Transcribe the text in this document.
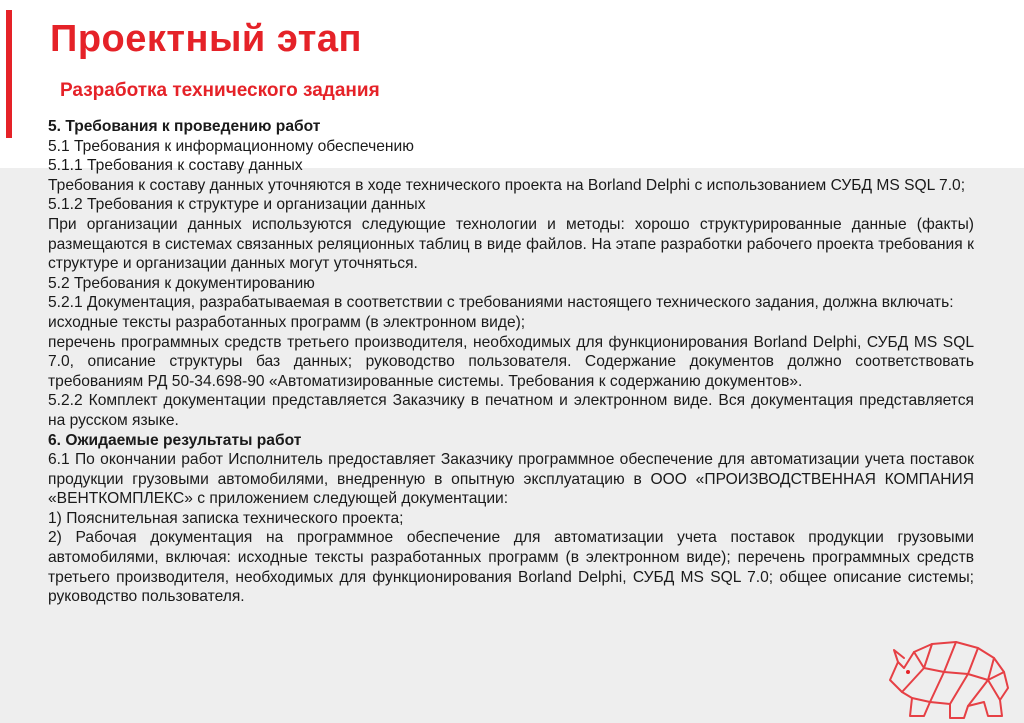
Проектный этап
Разработка технического задания

5. Требования к проведению работ

5.1 Требования к информационному обеспечению

5.1.1 Требования к составу данных

Требования к составу данных уточняются в ходе технического проекта на Borland Delphi с использованием СУБД MS SQL 7.0;

5.1.2 Требования к структуре и организации данных

При организации данных используются следующие технологии и методы: хорошо структурированные данные (факты) размещаются в системах связанных реляционных таблиц в виде файлов. На этапе разработки рабочего проекта требования к структуре и организации данных могут уточняться.

5.2 Требования к документированию

5.2.1 Документация, разрабатываемая в соответствии с требованиями настоящего технического задания, должна включать:

исходные тексты разработанных программ (в электронном виде);

перечень программных средств третьего производителя, необходимых для функционирования Borland Delphi, СУБД MS SQL 7.0, описание структуры баз данных; руководство пользователя. Содержание документов должно соответствовать требованиям РД 50-34.698-90 «Автоматизированные системы. Требования к содержанию документов».

5.2.2 Комплект документации представляется Заказчику в печатном и электронном виде. Вся документация представляется на русском языке.

6. Ожидаемые результаты работ

6.1 По окончании работ Исполнитель предоставляет Заказчику программное обеспечение для автоматизации учета поставок продукции грузовыми автомобилями, внедренную в опытную эксплуатацию в ООО «ПРОИЗВОДСТВЕННАЯ КОМПАНИЯ «ВЕНТКОМПЛЕКС» с приложением следующей документации:

1) Пояснительная записка технического проекта;

2) Рабочая документация на программное обеспечение для автоматизации учета поставок продукции грузовыми автомобилями, включая: исходные тексты разработанных программ (в электронном виде); перечень программных средств третьего производителя, необходимых для функционирования Borland Delphi, СУБД MS SQL 7.0; общее описание системы; руководство пользователя.
